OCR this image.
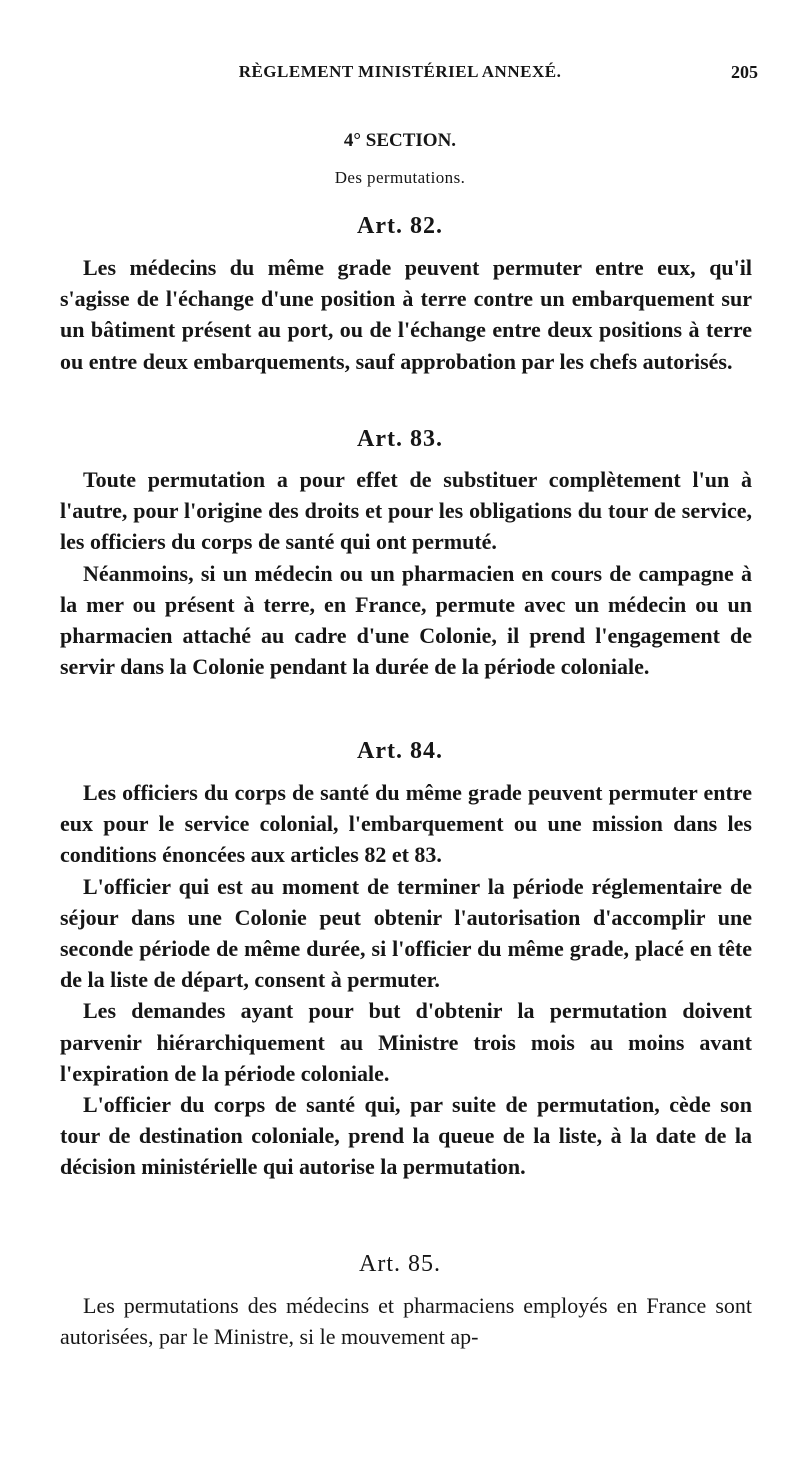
RÈGLEMENT MINISTÉRIEL ANNEXÉ.	205
4° SECTION.
Des permutations.
Art. 82.

Les médecins du même grade peuvent permuter entre eux, qu'il s'agisse de l'échange d'une position à terre contre un embarquement sur un bâtiment présent au port, ou de l'échange entre deux positions à terre ou entre deux embarquements, sauf approbation par les chefs autorisés.

Art. 83.

Toute permutation a pour effet de substituer complètement l'un à l'autre, pour l'origine des droits et pour les obligations du tour de service, les officiers du corps de santé qui ont permuté.

Néanmoins, si un médecin ou un pharmacien en cours de campagne à la mer ou présent à terre, en France, permute avec un médecin ou un pharmacien attaché au cadre d'une Colonie, il prend l'engagement de servir dans la Colonie pendant la durée de la période coloniale.

Art. 84.

Les officiers du corps de santé du même grade peuvent permuter entre eux pour le service colonial, l'embarquement ou une mission dans les conditions énoncées aux articles 82 et 83.

L'officier qui est au moment de terminer la période réglementaire de séjour dans une Colonie peut obtenir l'autorisation d'accomplir une seconde période de même durée, si l'officier du même grade, placé en tête de la liste de départ, consent à permuter.

Les demandes ayant pour but d'obtenir la permutation doivent parvenir hiérarchiquement au Ministre trois mois au moins avant l'expiration de la période coloniale.

L'officier du corps de santé qui, par suite de permutation, cède son tour de destination coloniale, prend la queue de la liste, à la date de la décision ministérielle qui autorise la permutation.

Art. 85.

Les permutations des médecins et pharmaciens employés en France sont autorisées, par le Ministre, si le mouvement ap-
